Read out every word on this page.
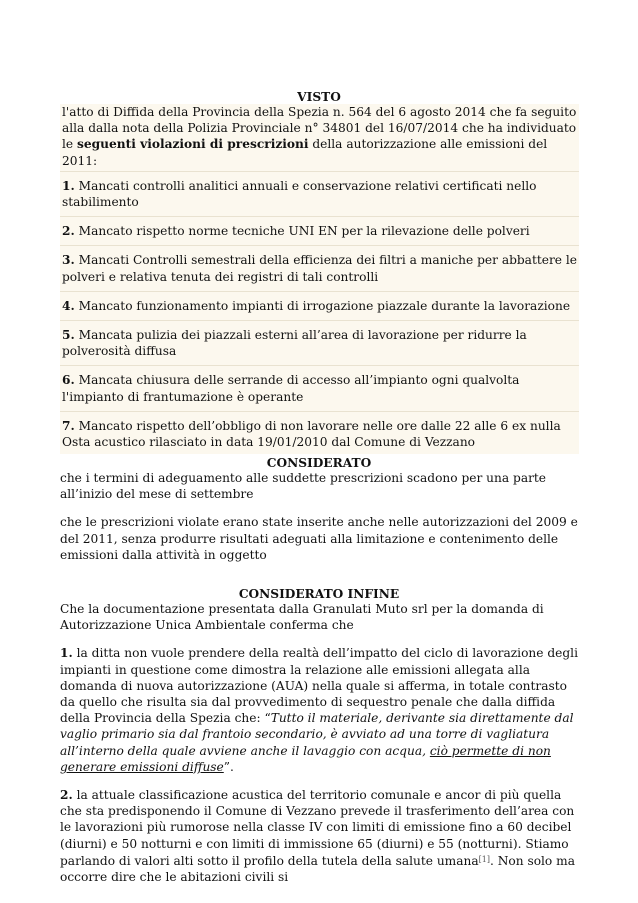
VISTO

l'atto di Diffida della Provincia della Spezia n. 564 del 6 agosto 2014 che fa seguito alla dalla nota della Polizia Provinciale n° 34801 del 16/07/2014 che ha individuato le seguenti violazioni di prescrizioni della autorizzazione alle emissioni del 2011:

1. Mancati controlli analitici annuali e conservazione relativi certificati nello stabilimento
2. Mancato rispetto norme tecniche UNI EN per la rilevazione delle polveri
3. Mancati Controlli semestrali della efficienza dei filtri a maniche per abbattere le polveri e relativa tenuta dei registri di tali controlli
4. Mancato funzionamento impianti di irrogazione piazzale durante la lavorazione
5. Mancata pulizia dei piazzali esterni all’area di lavorazione per ridurre la polverosità diffusa
6. Mancata chiusura delle serrande di accesso all’impianto ogni qualvolta l'impianto di frantumazione è operante
7. Mancato rispetto dell’obbligo di non lavorare nelle ore dalle 22 alle 6 ex nulla Osta acustico rilasciato in data 19/01/2010 dal Comune di Vezzano
CONSIDERATO

che i termini di adeguamento alle suddette prescrizioni scadono per una parte all’inizio del mese di settembre

che le prescrizioni violate erano state inserite anche nelle autorizzazioni del 2009 e del 2011, senza produrre risultati adeguati alla limitazione e contenimento delle emissioni dalla attività in oggetto

CONSIDERATO INFINE

Che la documentazione presentata dalla Granulati Muto srl per la domanda di Autorizzazione Unica Ambientale conferma che

1. la ditta non vuole prendere della realtà dell’impatto del ciclo di lavorazione degli impianti in questione come dimostra la relazione alle emissioni allegata alla domanda di nuova autorizzazione (AUA) nella quale si afferma, in totale contrasto da quello che risulta sia dal provvedimento di sequestro penale che dalla diffida della Provincia della Spezia che: “Tutto il materiale, derivante sia direttamente dal vaglio primario sia dal frantoio secondario, è avviato ad una torre di vagliatura all’interno della quale avviene anche il lavaggio con acqua, ciò permette di non generare emissioni diffuse”.

2. la attuale classificazione acustica del territorio comunale e ancor di più quella che sta predisponendo il Comune di Vezzano prevede il trasferimento dell’area con le lavorazioni più rumorose nella classe IV con limiti di emissione fino a 60 decibel (diurni) e 50 notturni e con limiti di immissione 65 (diurni) e 55 (notturni). Stiamo parlando di valori alti sotto il profilo della tutela della salute umana[1]. Non solo ma occorre dire che le abitazioni civili si
